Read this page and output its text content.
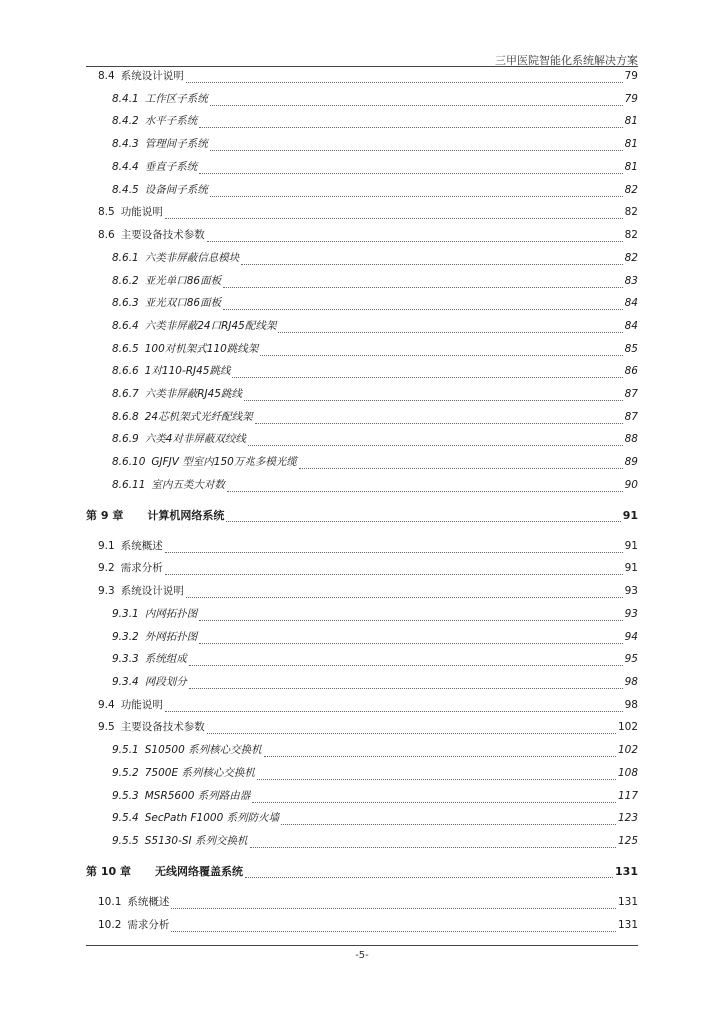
三甲医院智能化系统解决方案
8.4 系统设计说明	79
8.4.1 工作区子系统	79
8.4.2 水平子系统	81
8.4.3 管理间子系统	81
8.4.4 垂直子系统	81
8.4.5 设备间子系统	82
8.5 功能说明	82
8.6 主要设备技术参数	82
8.6.1 六类非屏蔽信息模块	82
8.6.2 亚光单口86面板	83
8.6.3 亚光双口86面板	84
8.6.4 六类非屏蔽24口RJ45配线架	84
8.6.5 100对机架式110跳线架	85
8.6.6 1对110-RJ45跳线	86
8.6.7 六类非屏蔽RJ45跳线	87
8.6.8 24芯机架式光纤配线架	87
8.6.9 六类4对非屏蔽双绞线	88
8.6.10 GJFJV 型室内150万兆多模光缆	89
8.6.11 室内五类大对数	90
第 9 章 计算机网络系统	91
9.1 系统概述	91
9.2 需求分析	91
9.3 系统设计说明	93
9.3.1 内网拓扑图	93
9.3.2 外网拓扑图	94
9.3.3 系统组成	95
9.3.4 网段划分	98
9.4 功能说明	98
9.5 主要设备技术参数	102
9.5.1 S10500 系列核心交换机	102
9.5.2 7500E 系列核心交换机	108
9.5.3 MSR5600 系列路由器	117
9.5.4 SecPath F1000 系列防火墙	123
9.5.5 S5130-SI 系列交换机	125
第 10 章 无线网络覆盖系统	131
10.1 系统概述	131
10.2 需求分析	131
-5-
